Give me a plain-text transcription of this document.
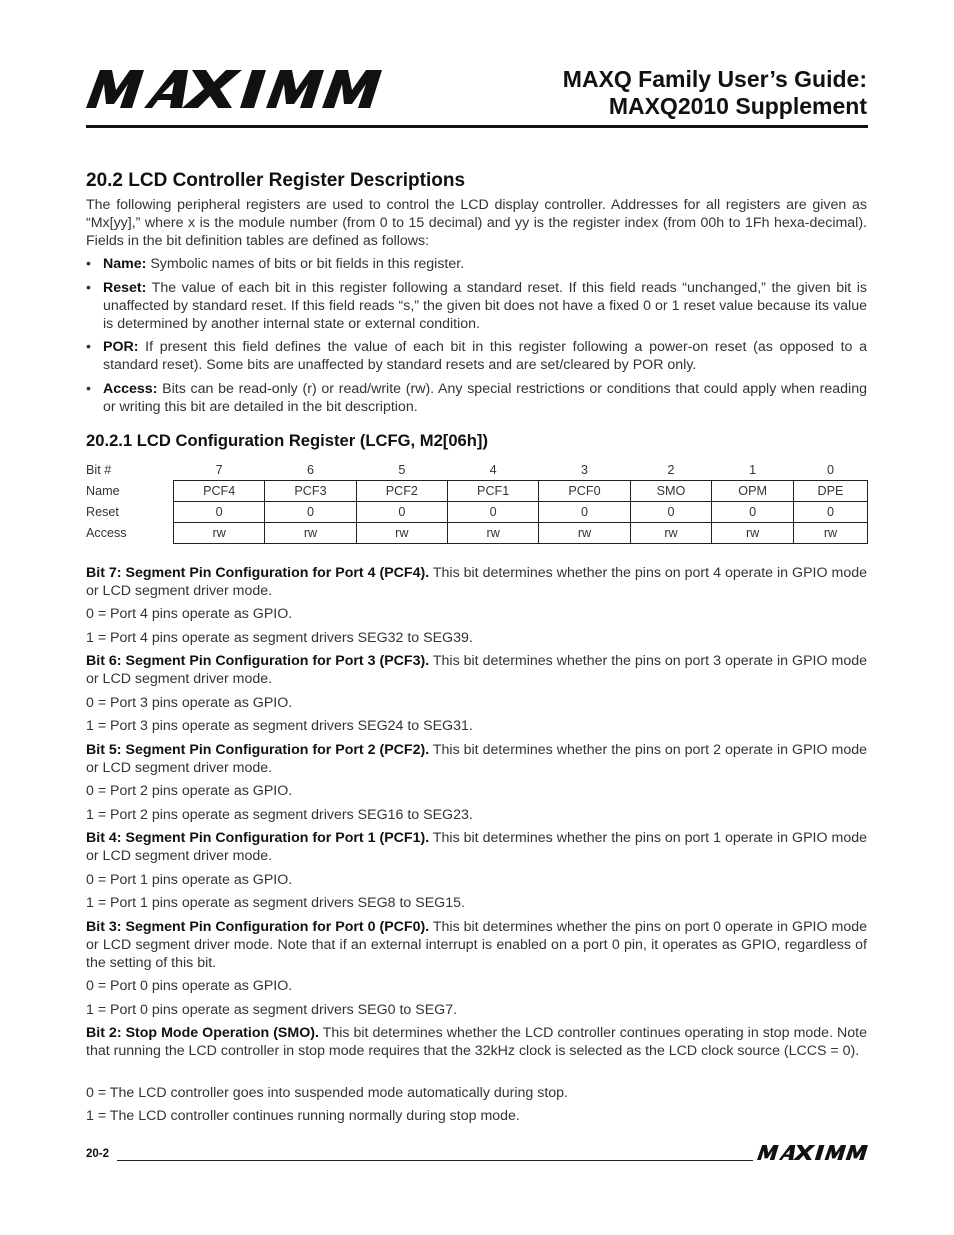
MAXQ Family User’s Guide:
MAXQ2010 Supplement
20.2 LCD Controller Register Descriptions
The following peripheral registers are used to control the LCD display controller. Addresses for all registers are given as “Mx[yy],” where x is the module number (from 0 to 15 decimal) and yy is the register index (from 00h to 1Fh hexa-decimal). Fields in the bit definition tables are defined as follows:
• Name: Symbolic names of bits or bit fields in this register.
• Reset: The value of each bit in this register following a standard reset. If this field reads “unchanged,” the given bit is unaffected by standard reset. If this field reads “s,” the given bit does not have a fixed 0 or 1 reset value because its value is determined by another internal state or external condition.
• POR: If present this field defines the value of each bit in this register following a power-on reset (as opposed to a standard reset). Some bits are unaffected by standard resets and are set/cleared by POR only.
• Access: Bits can be read-only (r) or read/write (rw). Any special restrictions or conditions that could apply when reading or writing this bit are detailed in the bit description.
20.2.1 LCD Configuration Register (LCFG, M2[06h])
Bit #	7	6	5	4	3	2	1	0
Name	PCF4	PCF3	PCF2	PCF1	PCF0	SMO	OPM	DPE
Reset	0	0	0	0	0	0	0	0
Access	rw	rw	rw	rw	rw	rw	rw	rw
Bit 7: Segment Pin Configuration for Port 4 (PCF4). This bit determines whether the pins on port 4 operate in GPIO mode or LCD segment driver mode.
0 = Port 4 pins operate as GPIO.
1 = Port 4 pins operate as segment drivers SEG32 to SEG39.
Bit 6: Segment Pin Configuration for Port 3 (PCF3). This bit determines whether the pins on port 3 operate in GPIO mode or LCD segment driver mode.
0 = Port 3 pins operate as GPIO.
1 = Port 3 pins operate as segment drivers SEG24 to SEG31.
Bit 5: Segment Pin Configuration for Port 2 (PCF2). This bit determines whether the pins on port 2 operate in GPIO mode or LCD segment driver mode.
0 = Port 2 pins operate as GPIO.
1 = Port 2 pins operate as segment drivers SEG16 to SEG23.
Bit 4: Segment Pin Configuration for Port 1 (PCF1). This bit determines whether the pins on port 1 operate in GPIO mode or LCD segment driver mode.
0 = Port 1 pins operate as GPIO.
1 = Port 1 pins operate as segment drivers SEG8 to SEG15.
Bit 3: Segment Pin Configuration for Port 0 (PCF0). This bit determines whether the pins on port 0 operate in GPIO mode or LCD segment driver mode. Note that if an external interrupt is enabled on a port 0 pin, it operates as GPIO, regardless of the setting of this bit.
0 = Port 0 pins operate as GPIO.
1 = Port 0 pins operate as segment drivers SEG0 to SEG7.
Bit 2: Stop Mode Operation (SMO). This bit determines whether the LCD controller continues operating in stop mode. Note that running the LCD controller in stop mode requires that the 32kHz clock is selected as the LCD clock source (LCCS = 0).
0 = The LCD controller goes into suspended mode automatically during stop.
1 = The LCD controller continues running normally during stop mode.
20-2
